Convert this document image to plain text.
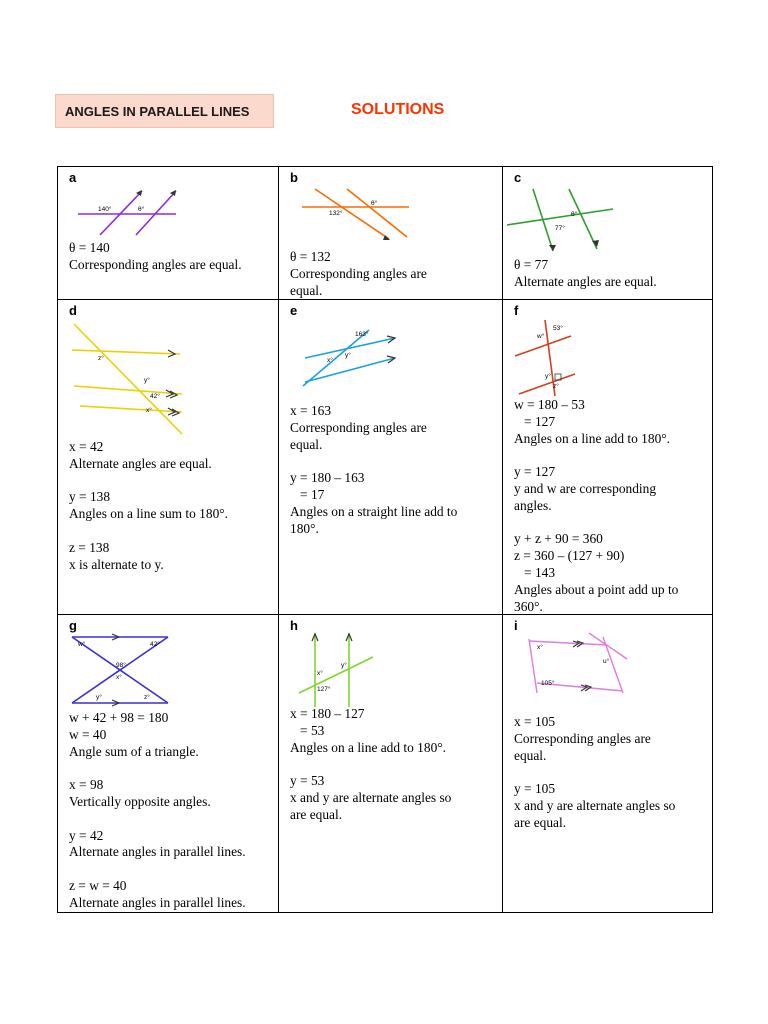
ANGLES IN PARALLEL LINES	SOLUTIONS
a
140°	θ°
θ = 140
Corresponding angles are equal.
b
132°
θ°
θ = 132
Corresponding angles are
equal.
c
θ°
77°
θ = 77
Alternate angles are equal.
d
z°
y°
42°
x°
x = 42
Alternate angles are equal.
y = 138
Angles on a line sum to 180°.
z = 138
x is alternate to y.
e
163°
x°
y°
x = 163
Corresponding angles are
equal.
y = 180 – 163
= 17
Angles on a straight line add to
180°.
f
w°
53°
y°
z°
w = 180 – 53
= 127
Angles on a line add to 180°.
y = 127
y and w are corresponding
angles.
y + z + 90 = 360
z = 360 – (127 + 90)
= 143
Angles about a point add up to
360°.
g
w°	42°
98°
x°
y°	z°
w + 42 + 98 = 180
w = 40
Angle sum of a triangle.
x = 98
Vertically opposite angles.
y = 42
Alternate angles in parallel lines.
z = w = 40
Alternate angles in parallel lines.
h
x°
y°
127°
x = 180 – 127
= 53
Angles on a line add to 180°.
y = 53
x and y are alternate angles so
are equal.
i
x°
u°
105°
x = 105
Corresponding angles are
equal.
y = 105
x and y are alternate angles so
are equal.
